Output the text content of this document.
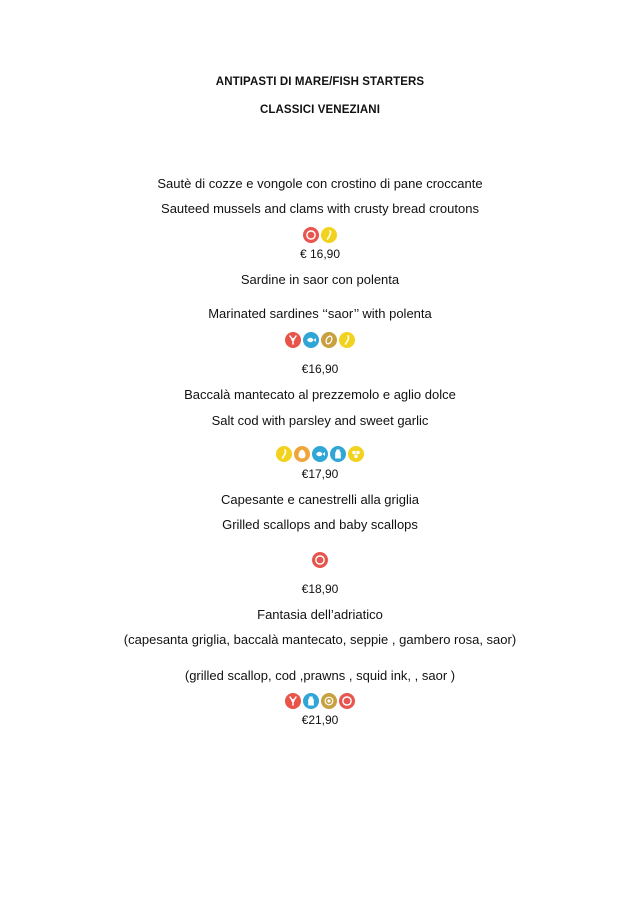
ANTIPASTI DI MARE/FISH STARTERS
CLASSICI VENEZIANI
Sautè di cozze e vongole con crostino di pane croccante
Sauteed mussels and clams with crusty bread croutons
€ 16,90
Sardine in saor con polenta
Marinated sardines ‘‘saor’’ with polenta
€16,90
Baccalà mantecato al prezzemolo e aglio dolce
Salt cod with parsley and sweet garlic
€17,90
Capesante e canestrelli alla griglia
Grilled scallops and baby scallops
€18,90
Fantasia dell’adriatico
(capesanta griglia, baccalà mantecato, seppie , gambero rosa, saor)
(grilled scallop, cod ,prawns , squid ink, , saor )
€21,90
